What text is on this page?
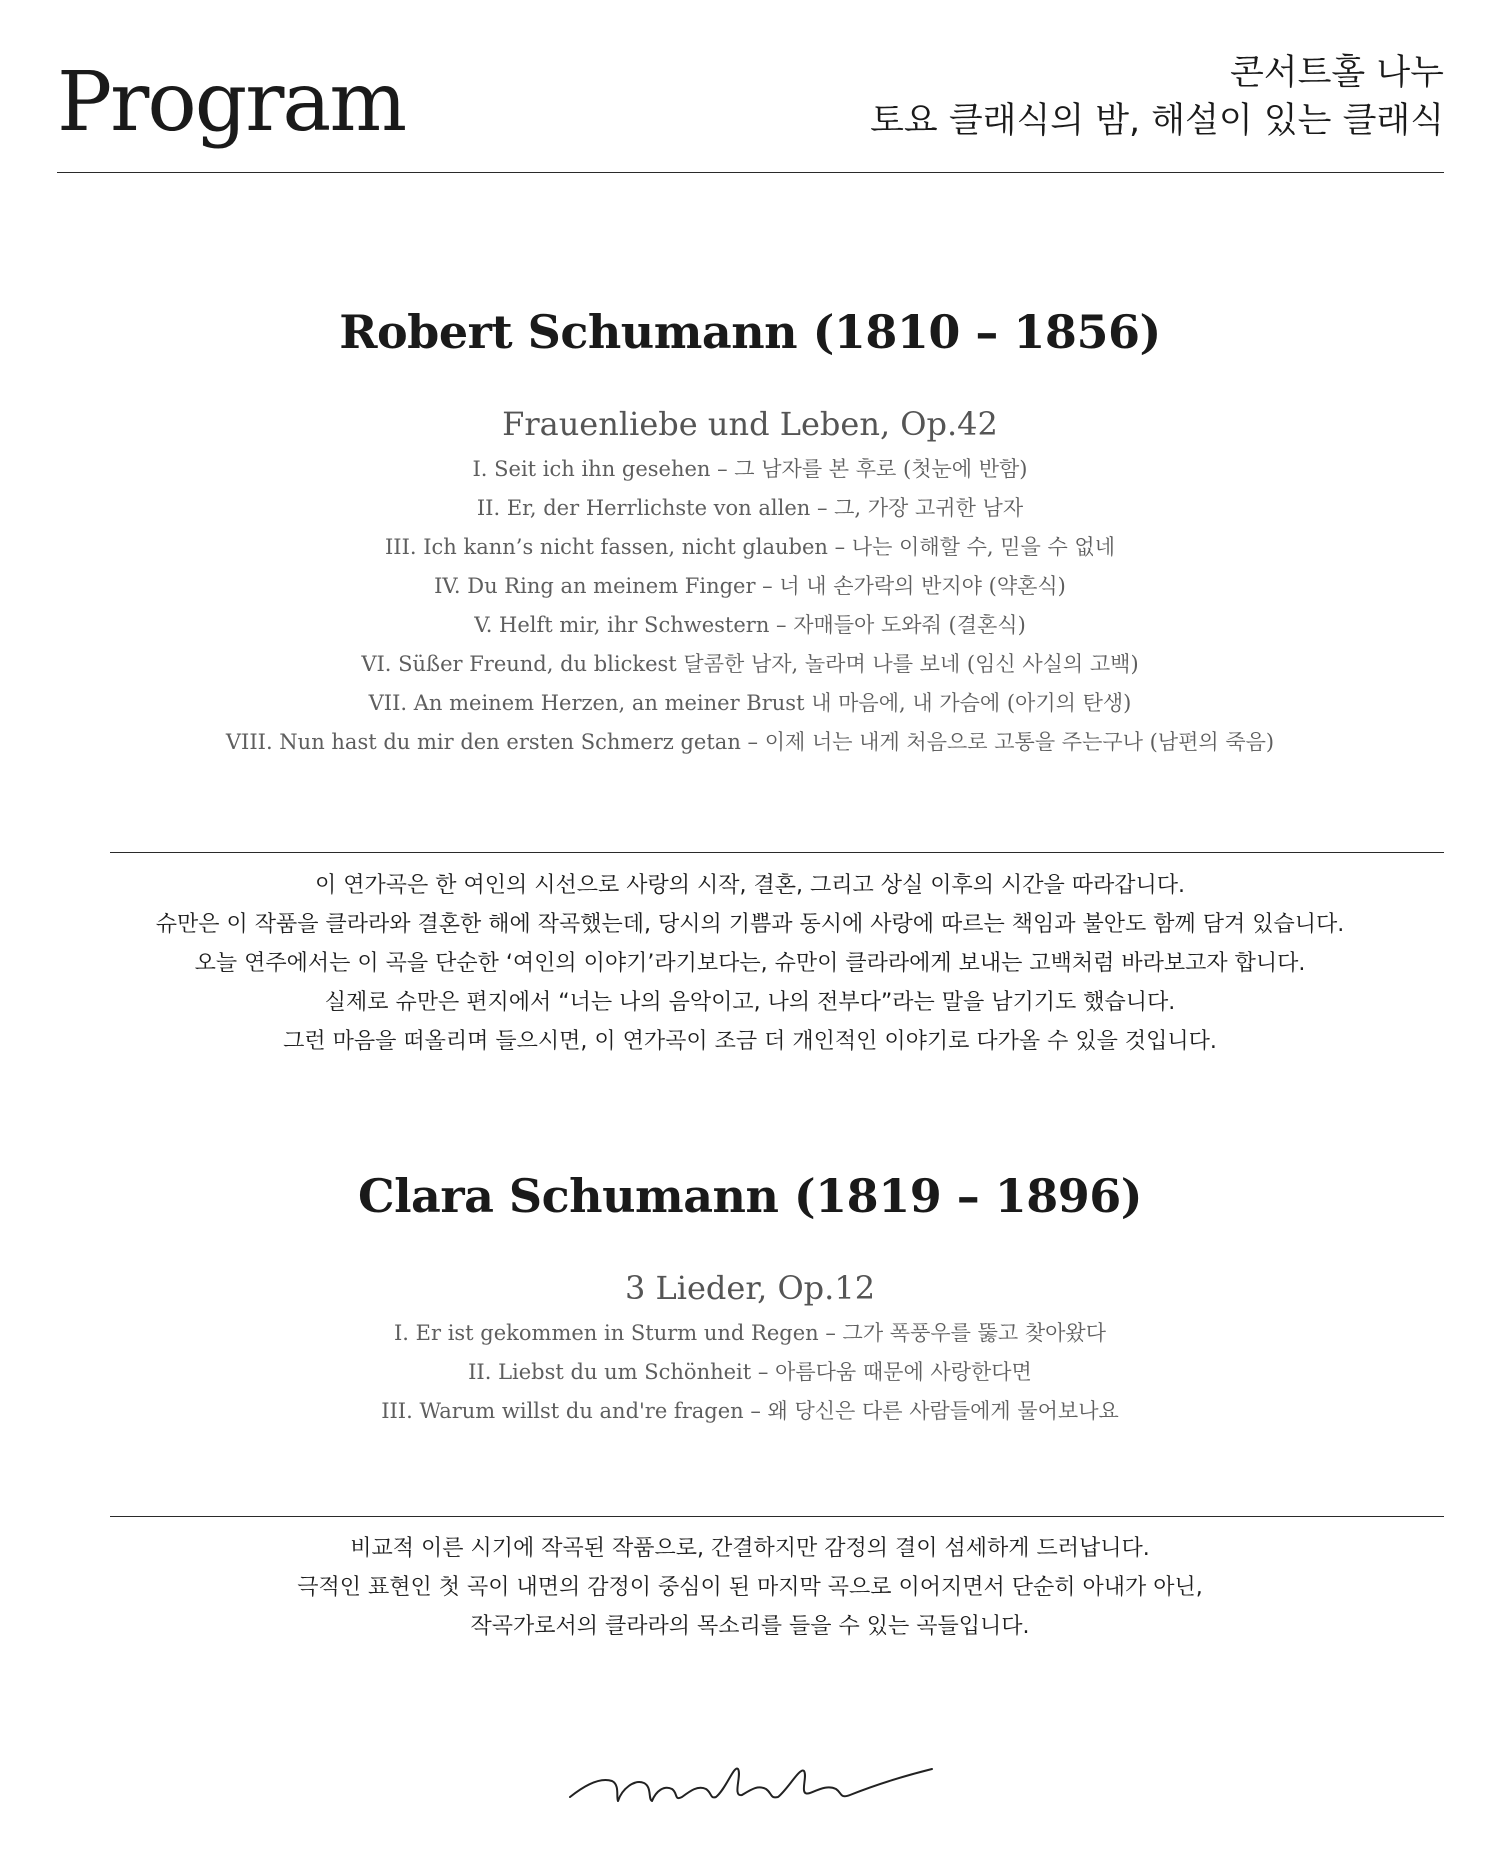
Program	콘서트홀 나누
토요 클래식의 밤, 해설이 있는 클래식
Robert Schumann (1810 – 1856)
Frauenliebe und Leben, Op.42
I. Seit ich ihn gesehen – 그 남자를 본 후로 (첫눈에 반함)
II. Er, der Herrlichste von allen – 그, 가장 고귀한 남자
III. Ich kann’s nicht fassen, nicht glauben – 나는 이해할 수, 믿을 수 없네
IV. Du Ring an meinem Finger – 너 내 손가락의 반지야 (약혼식)
V. Helft mir, ihr Schwestern – 자매들아 도와줘 (결혼식)
VI. Süßer Freund, du blickest 달콤한 남자, 놀라며 나를 보네 (임신 사실의 고백)
VII. An meinem Herzen, an meiner Brust 내 마음에, 내 가슴에 (아기의 탄생)
VIII. Nun hast du mir den ersten Schmerz getan – 이제 너는 내게 처음으로 고통을 주는구나 (남편의 죽음)

이 연가곡은 한 여인의 시선으로 사랑의 시작, 결혼, 그리고 상실 이후의 시간을 따라갑니다.

슈만은 이 작품을 클라라와 결혼한 해에 작곡했는데, 당시의 기쁨과 동시에 사랑에 따르는 책임과 불안도 함께 담겨 있습니다.

오늘 연주에서는 이 곡을 단순한 ‘여인의 이야기’라기보다는, 슈만이 클라라에게 보내는 고백처럼 바라보고자 합니다.

실제로 슈만은 편지에서 “너는 나의 음악이고, 나의 전부다”라는 말을 남기기도 했습니다.

그런 마음을 떠올리며 들으시면, 이 연가곡이 조금 더 개인적인 이야기로 다가올 수 있을 것입니다.

Clara Schumann (1819 – 1896)
3 Lieder, Op.12
I. Er ist gekommen in Sturm und Regen – 그가 폭풍우를 뚫고 찾아왔다
II. Liebst du um Schönheit – 아름다움 때문에 사랑한다면
III. Warum willst du and're fragen – 왜 당신은 다른 사람들에게 물어보나요

비교적 이른 시기에 작곡된 작품으로, 간결하지만 감정의 결이 섬세하게 드러납니다.

극적인 표현인 첫 곡이 내면의 감정이 중심이 된 마지막 곡으로 이어지면서 단순히 아내가 아닌,

작곡가로서의 클라라의 목소리를 들을 수 있는 곡들입니다.
